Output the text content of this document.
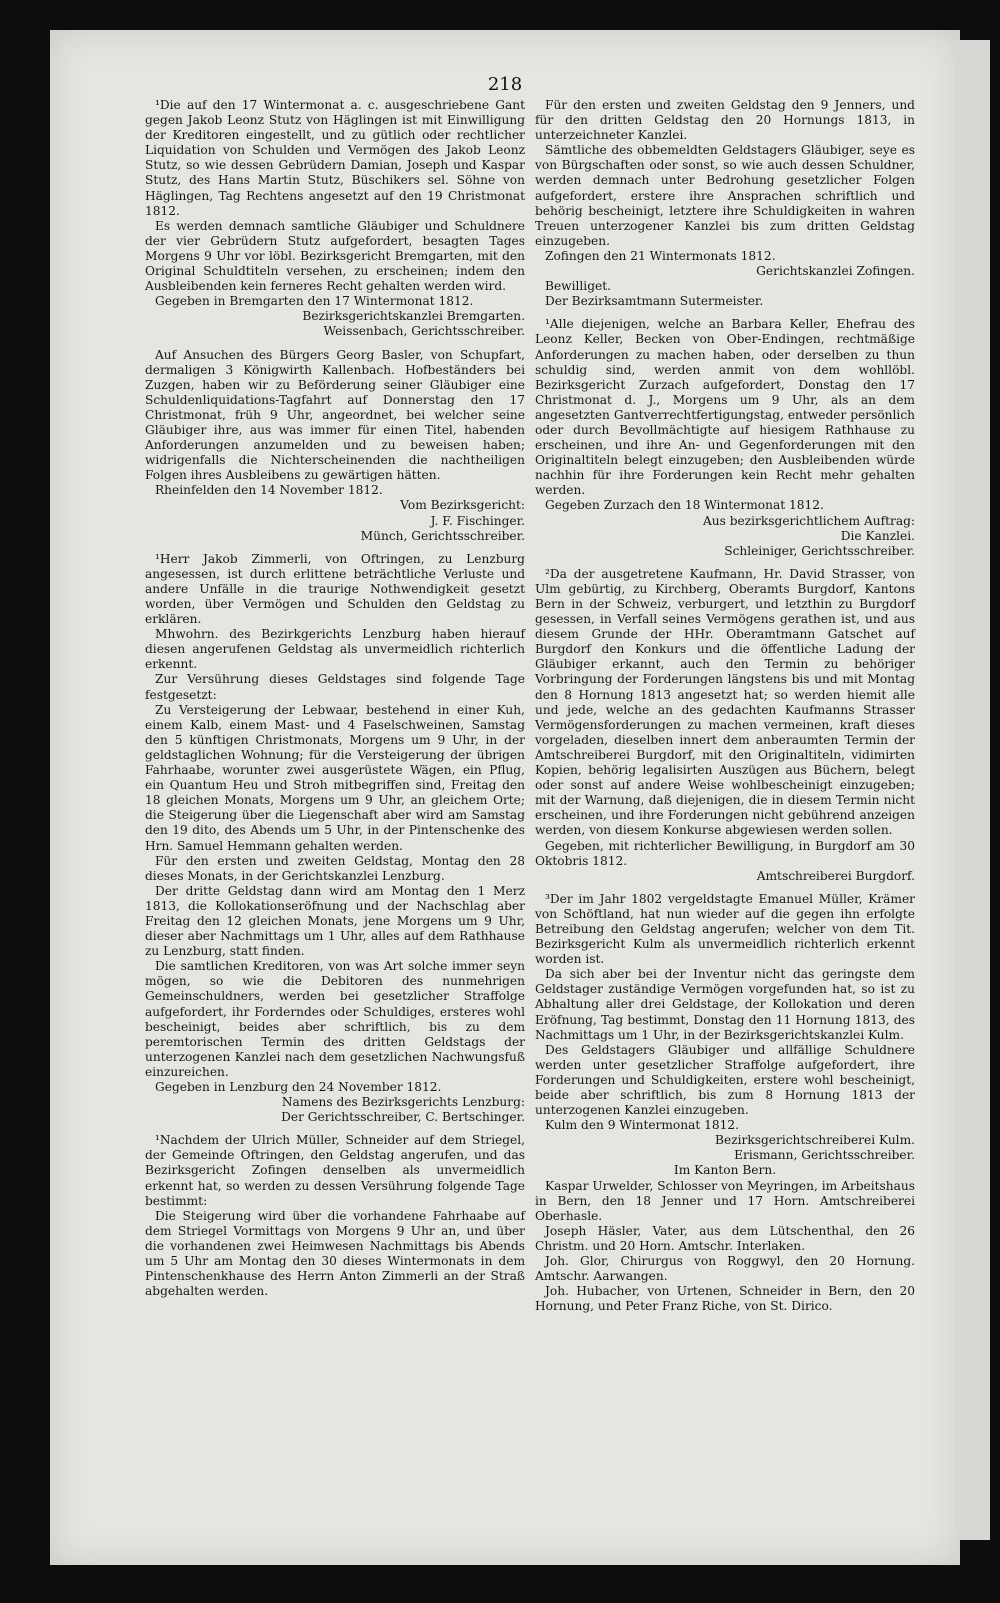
218

¹Die auf den 17 Wintermonat a. c. ausgeschriebene Gant gegen Jakob Leonz Stutz von Häglingen ist mit Einwilligung der Kreditoren eingestellt, und zu gütlich oder rechtlicher Liquidation von Schulden und Vermögen des Jakob Leonz Stutz, so wie dessen Gebrüdern Damian, Joseph und Kaspar Stutz, des Hans Martin Stutz, Büschikers sel. Söhne von Häglingen, Tag Rechtens angesetzt auf den 19 Christmonat 1812.

Es werden demnach samtliche Gläubiger und Schuldnere der vier Gebrüdern Stutz aufgefordert, besagten Tages Morgens 9 Uhr vor löbl. Bezirksgericht Bremgarten, mit den Original Schuldtiteln versehen, zu erscheinen; indem den Ausbleibenden kein ferneres Recht gehalten werden wird.

Gegeben in Bremgarten den 17 Wintermonat 1812.

Bezirksgerichtskanzlei Bremgarten.

Weissenbach, Gerichtsschreiber.

Auf Ansuchen des Bürgers Georg Basler, von Schupfart, dermaligen 3 Königwirth Kallenbach. Hofbeständers bei Zuzgen, haben wir zu Beförderung seiner Gläubiger eine Schuldenliquidations-Tagfahrt auf Donnerstag den 17 Christmonat, früh 9 Uhr, angeordnet, bei welcher seine Gläubiger ihre, aus was immer für einen Titel, habenden Anforderungen anzumelden und zu beweisen haben; widrigenfalls die Nichterscheinenden die nachtheiligen Folgen ihres Ausbleibens zu gewärtigen hätten.

Rheinfelden den 14 November 1812.

Vom Bezirksgericht:

J. F. Fischinger.

Münch, Gerichtsschreiber.

¹Herr Jakob Zimmerli, von Oftringen, zu Lenzburg angesessen, ist durch erlittene beträchtliche Verluste und andere Unfälle in die traurige Nothwendigkeit gesetzt worden, über Vermögen und Schulden den Geldstag zu erklären.

Mhwohrn. des Bezirkgerichts Lenzburg haben hierauf diesen angerufenen Geldstag als unvermeidlich richterlich erkennt.

Zur Versührung dieses Geldstages sind folgende Tage festgesetzt:

Zu Versteigerung der Lebwaar, bestehend in einer Kuh, einem Kalb, einem Mast- und 4 Faselschweinen, Samstag den 5 künftigen Christmonats, Morgens um 9 Uhr, in der geldstaglichen Wohnung; für die Versteigerung der übrigen Fahrhaabe, worunter zwei ausgerüstete Wägen, ein Pflug, ein Quantum Heu und Stroh mitbegriffen sind, Freitag den 18 gleichen Monats, Morgens um 9 Uhr, an gleichem Orte; die Steigerung über die Liegenschaft aber wird am Samstag den 19 dito, des Abends um 5 Uhr, in der Pintenschenke des Hrn. Samuel Hemmann gehalten werden.

Für den ersten und zweiten Geldstag, Montag den 28 dieses Monats, in der Gerichtskanzlei Lenzburg.

Der dritte Geldstag dann wird am Montag den 1 Merz 1813, die Kollokationseröfnung und der Nachschlag aber Freitag den 12 gleichen Monats, jene Morgens um 9 Uhr, dieser aber Nachmittags um 1 Uhr, alles auf dem Rathhause zu Lenzburg, statt finden.

Die samtlichen Kreditoren, von was Art solche immer seyn mögen, so wie die Debitoren des nunmehrigen Gemeinschuldners, werden bei gesetzlicher Straffolge aufgefordert, ihr Forderndes oder Schuldiges, ersteres wohl bescheinigt, beides aber schriftlich, bis zu dem peremtorischen Termin des dritten Geldstags der unterzogenen Kanzlei nach dem gesetzlichen Nachwungsfuß einzureichen.

Gegeben in Lenzburg den 24 November 1812.

Namens des Bezirksgerichts Lenzburg:

Der Gerichtsschreiber, C. Bertschinger.

¹Nachdem der Ulrich Müller, Schneider auf dem Striegel, der Gemeinde Oftringen, den Geldstag angerufen, und das Bezirksgericht Zofingen denselben als unvermeidlich erkennt hat, so werden zu dessen Versührung folgende Tage bestimmt:

Die Steigerung wird über die vorhandene Fahrhaabe auf dem Striegel Vormittags von Morgens 9 Uhr an, und über die vorhandenen zwei Heimwesen Nachmittags bis Abends um 5 Uhr am Montag den 30 dieses Wintermonats in dem Pintenschenkhause des Herrn Anton Zimmerli an der Straß abgehalten werden.

Für den ersten und zweiten Geldstag den 9 Jenners, und für den dritten Geldstag den 20 Hornungs 1813, in unterzeichneter Kanzlei.

Sämtliche des obbemeldten Geldstagers Gläubiger, seye es von Bürgschaften oder sonst, so wie auch dessen Schuldner, werden demnach unter Bedrohung gesetzlicher Folgen aufgefordert, erstere ihre Ansprachen schriftlich und behörig bescheinigt, letztere ihre Schuldigkeiten in wahren Treuen unterzogener Kanzlei bis zum dritten Geldstag einzugeben.

Zofingen den 21 Wintermonats 1812.

Gerichtskanzlei Zofingen.

Bewilliget.

Der Bezirksamtmann Sutermeister.

¹Alle diejenigen, welche an Barbara Keller, Ehefrau des Leonz Keller, Becken von Ober-Endingen, rechtmäßige Anforderungen zu machen haben, oder derselben zu thun schuldig sind, werden anmit von dem wohllöbl. Bezirksgericht Zurzach aufgefordert, Donstag den 17 Christmonat d. J., Morgens um 9 Uhr, als an dem angesetzten Gantverrechtfertigungstag, entweder persönlich oder durch Bevollmächtigte auf hiesigem Rathhause zu erscheinen, und ihre An- und Gegenforderungen mit den Originaltiteln belegt einzugeben; den Ausbleibenden würde nachhin für ihre Forderungen kein Recht mehr gehalten werden.

Gegeben Zurzach den 18 Wintermonat 1812.

Aus bezirksgerichtlichem Auftrag:

Die Kanzlei.

Schleiniger, Gerichtsschreiber.

²Da der ausgetretene Kaufmann, Hr. David Strasser, von Ulm gebürtig, zu Kirchberg, Oberamts Burgdorf, Kantons Bern in der Schweiz, verburgert, und letzthin zu Burgdorf gesessen, in Verfall seines Vermögens gerathen ist, und aus diesem Grunde der HHr. Oberamtmann Gatschet auf Burgdorf den Konkurs und die öffentliche Ladung der Gläubiger erkannt, auch den Termin zu behöriger Vorbringung der Forderungen längstens bis und mit Montag den 8 Hornung 1813 angesetzt hat; so werden hiemit alle und jede, welche an des gedachten Kaufmanns Strasser Vermögensforderungen zu machen vermeinen, kraft dieses vorgeladen, dieselben innert dem anberaumten Termin der Amtschreiberei Burgdorf, mit den Originaltiteln, vidimirten Kopien, behörig legalisirten Auszügen aus Büchern, belegt oder sonst auf andere Weise wohlbescheinigt einzugeben; mit der Warnung, daß diejenigen, die in diesem Termin nicht erscheinen, und ihre Forderungen nicht gebührend anzeigen werden, von diesem Konkurse abgewiesen werden sollen.

Gegeben, mit richterlicher Bewilligung, in Burgdorf am 30 Oktobris 1812.

Amtschreiberei Burgdorf.

³Der im Jahr 1802 vergeldstagte Emanuel Müller, Krämer von Schöftland, hat nun wieder auf die gegen ihn erfolgte Betreibung den Geldstag angerufen; welcher von dem Tit. Bezirksgericht Kulm als unvermeidlich richterlich erkennt worden ist.

Da sich aber bei der Inventur nicht das geringste dem Geldstager zuständige Vermögen vorgefunden hat, so ist zu Abhaltung aller drei Geldstage, der Kollokation und deren Eröfnung, Tag bestimmt, Donstag den 11 Hornung 1813, des Nachmittags um 1 Uhr, in der Bezirksgerichtskanzlei Kulm.

Des Geldstagers Gläubiger und allfällige Schuldnere werden unter gesetzlicher Straffolge aufgefordert, ihre Forderungen und Schuldigkeiten, erstere wohl bescheinigt, beide aber schriftlich, bis zum 8 Hornung 1813 der unterzogenen Kanzlei einzugeben.

Kulm den 9 Wintermonat 1812.

Bezirksgerichtschreiberei Kulm.

Erismann, Gerichtsschreiber.

Im Kanton Bern.

Kaspar Urwelder, Schlosser von Meyringen, im Arbeitshaus in Bern, den 18 Jenner und 17 Horn. Amtschreiberei Oberhasle.

Joseph Häsler, Vater, aus dem Lütschenthal, den 26 Christm. und 20 Horn. Amtschr. Interlaken.

Joh. Glor, Chirurgus von Roggwyl, den 20 Hornung. Amtschr. Aarwangen.

Joh. Hubacher, von Urtenen, Schneider in Bern, den 20 Hornung, und Peter Franz Riche, von St. Dirico.
